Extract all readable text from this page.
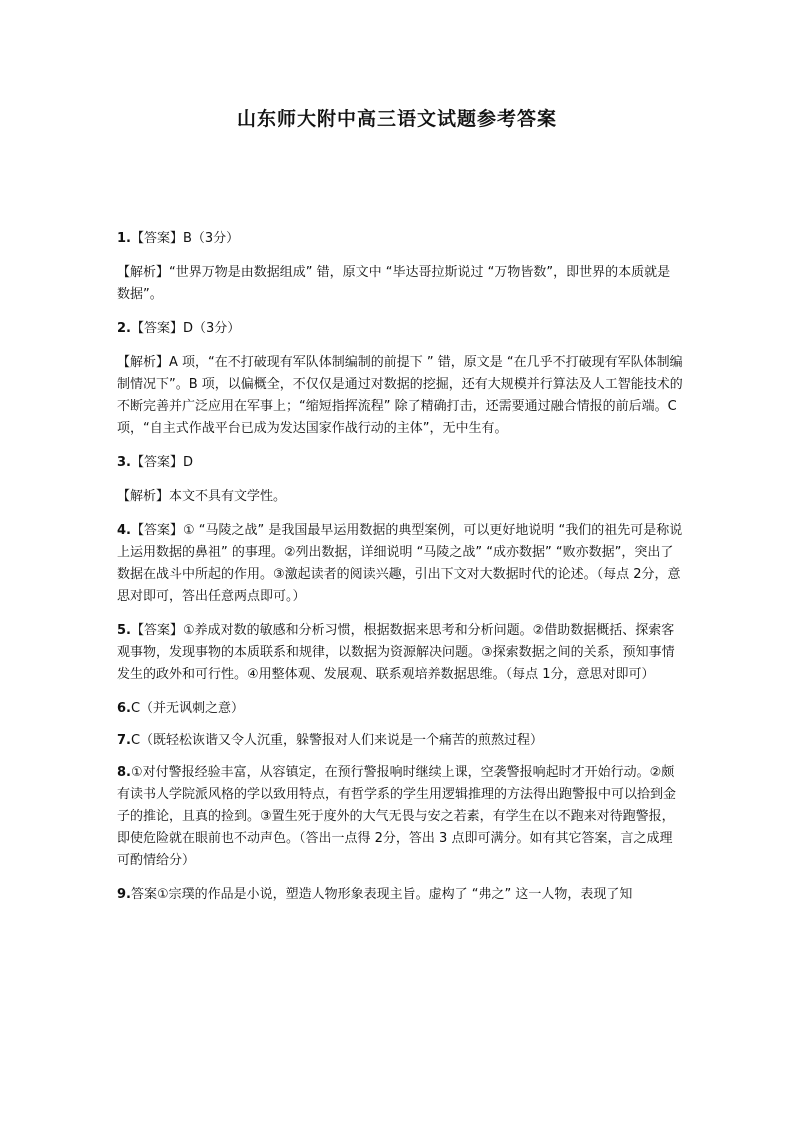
山东师大附中高三语文试题参考答案

1.【答案】B（3分）

【解析】“世界万物是由数据组成” 错，原文中 “毕达哥拉斯说过 “万物皆数”，即世界的本质就是数据”。

2.【答案】D（3分）

【解析】A 项，“在不打破现有军队体制编制的前提下 ” 错，原文是 “在几乎不打破现有军队体制编制情况下”。B 项，以偏概全，不仅仅是通过对数据的挖掘，还有大规模并行算法及人工智能技术的不断完善并广泛应用在军事上；“缩短指挥流程” 除了精确打击，还需要通过融合情报的前后端。C 项，“自主式作战平台已成为发达国家作战行动的主体”，无中生有。

3.【答案】D

【解析】本文不具有文学性。

4.【答案】① “马陵之战” 是我国最早运用数据的典型案例，可以更好地说明 “我们的祖先可是称说上运用数据的鼻祖” 的事理。②列出数据，详细说明 “马陵之战” “成亦数据” “败亦数据”，突出了数据在战斗中所起的作用。③激起读者的阅读兴趣，引出下文对大数据时代的论述。（每点 2分，意思对即可，答出任意两点即可。）

5.【答案】①养成对数的敏感和分析习惯，根据数据来思考和分析问题。②借助数据概括、探索客观事物，发现事物的本质联系和规律，以数据为资源解决问题。③探索数据之间的关系，预知事情发生的政外和可行性。④用整体观、发展观、联系观培养数据思维。（每点 1分，意思对即可）

6.C（并无讽刺之意）

7.C（既轻松诙谐又令人沉重，躲警报对人们来说是一个痛苦的煎熬过程）

8.①对付警报经验丰富，从容镇定，在预行警报响时继续上课，空袭警报响起时才开始行动。②颇有读书人学院派风格的学以致用特点，有哲学系的学生用逻辑推理的方法得出跑警报中可以拾到金子的推论，且真的捡到。③置生死于度外的大气无畏与安之若素，有学生在以不跑来对待跑警报，即使危险就在眼前也不动声色。（答出一点得 2分，答出 3 点即可满分。如有其它答案，言之成理可酌情给分）

9.答案①宗璞的作品是小说，塑造人物形象表现主旨。虚构了 “弗之” 这一人物，表现了知
